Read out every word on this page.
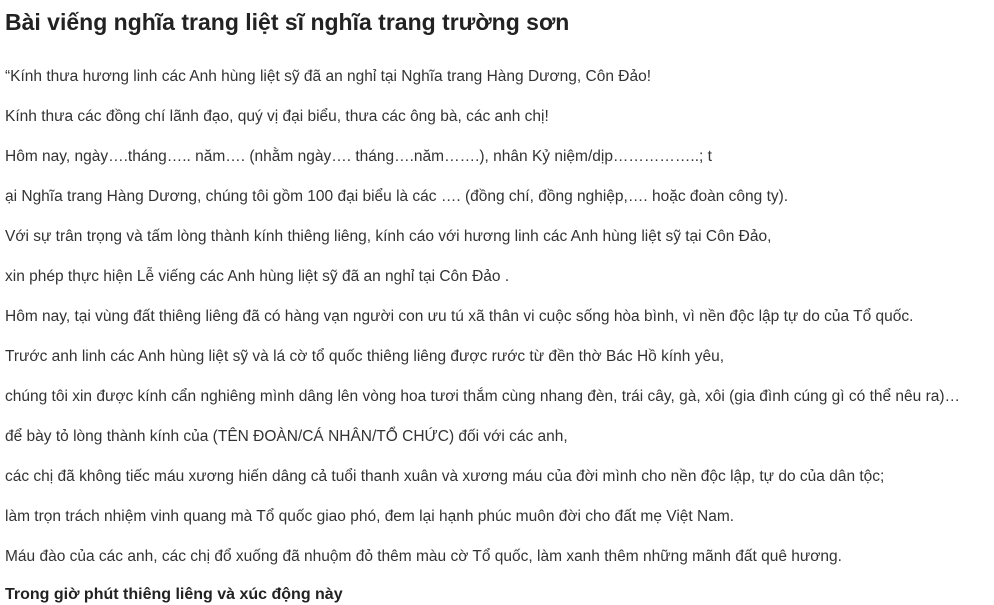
Bài viếng nghĩa trang liệt sĩ nghĩa trang trường sơn

“Kính thưa hương linh các Anh hùng liệt sỹ đã an nghỉ tại Nghĩa trang Hàng Dương, Côn Đảo!

Kính thưa các đồng chí lãnh đạo, quý vị đại biểu, thưa các ông bà, các anh chị!

Hôm nay, ngày….tháng….. năm…. (nhằm ngày…. tháng….năm…….), nhân Kỷ niệm/dịp……………..; t

ại Nghĩa trang Hàng Dương, chúng tôi gồm 100 đại biểu là các …. (đồng chí, đồng nghiệp,…. hoặc đoàn công ty).

Với sự trân trọng và tấm lòng thành kính thiêng liêng, kính cáo với hương linh các Anh hùng liệt sỹ tại Côn Đảo,

xin phép thực hiện Lễ viếng các Anh hùng liệt sỹ đã an nghỉ tại Côn Đảo .

Hôm nay, tại vùng đất thiêng liêng đã có hàng vạn người con ưu tú xã thân vi cuộc sống hòa bình, vì nền độc lập tự do của Tổ quốc.

Trước anh linh các Anh hùng liệt sỹ và lá cờ tổ quốc thiêng liêng được rước từ đền thờ Bác Hồ kính yêu,

chúng tôi xin được kính cẩn nghiêng mình dâng lên vòng hoa tươi thắm cùng nhang đèn, trái cây, gà, xôi (gia đình cúng gì có thể nêu ra)…

để bày tỏ lòng thành kính của (TÊN ĐOÀN/CÁ NHÂN/TỔ CHỨC) đối với các anh,

các chị đã không tiếc máu xương hiến dâng cả tuổi thanh xuân và xương máu của đời mình cho nền độc lập, tự do của dân tộc;

làm trọn trách nhiệm vinh quang mà Tổ quốc giao phó, đem lại hạnh phúc muôn đời cho đất mẹ Việt Nam.

Máu đào của các anh, các chị đổ xuống đã nhuộm đỏ thêm màu cờ Tổ quốc, làm xanh thêm những mãnh đất quê hương.

Trong giờ phút thiêng liêng và xúc động này
